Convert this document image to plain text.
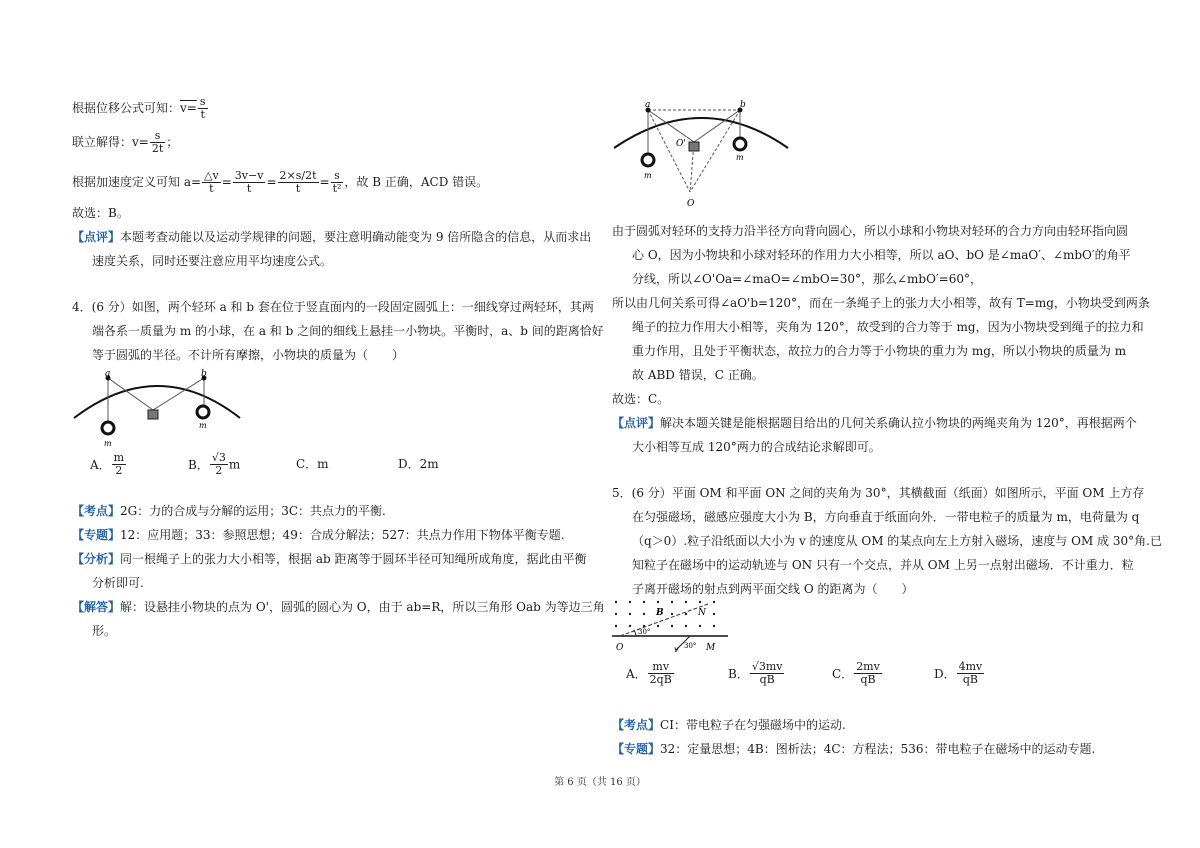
根据位移公式可知：$v= \frac{s}{t}$
联立解得：$v= \frac{s}{2t}$ ；
根据加速度定义可知 $a= \frac{\triangle v}{t} = \frac{3v-v}{t} = \frac{2\times s/2t}{t} = \frac{s}{\text{t²}}$ ，故 B 正确，ACD 错误。
故选：B。
【点评】本题考查动能以及运动学规律的问题，要注意明确动能变为 9 倍所隐含的信息，从而求出
速度关系，同时还要注意应用平均速度公式。
4．(6 分）如图，两个轻环 a 和 b 套在位于竖直面内的一段固定圆弧上：一细线穿过两轻环，其两
端各系一质量为 m 的小球，在 a 和 b 之间的细线上悬挂一小物块。平衡时，a、b 间的距离恰好
等于圆弧的半径。不计所有摩擦，小物块的质量为（　　）
a	b
m
m
A． $\frac{m}{2}$	B． $\frac{√3}{2}$ m	C．m	D．2m
【考点】2G：力的合成与分解的运用；3C：共点力的平衡.
【专题】12：应用题；33：参照思想；49：合成分解法；527：共点力作用下物体平衡专题.
【分析】同一根绳子上的张力大小相等，根据 ab 距离等于圆环半径可知绳所成角度，据此由平衡
分析即可.
【解答】解：设悬挂小物块的点为 O'，圆弧的圆心为 O，由于 ab=R，所以三角形 Oab 为等边三角
形。
a	b
O'
O
m
m
由于圆弧对轻环的支持力沿半径方向背向圆心，所以小球和小物块对轻环的合力方向由轻环指向圆
心 O，因为小物块和小球对轻环的作用力大小相等，所以 aO、bO 是∠maO′、∠mbO′的角平
分线，所以∠O'Oa=∠maO=∠mbO=30°，那么∠mbO′=60°，
所以由几何关系可得∠aO'b=120°，而在一条绳子上的张力大小相等，故有 T=mg，小物块受到两条
绳子的拉力作用大小相等，夹角为 120°，故受到的合力等于 mg，因为小物块受到绳子的拉力和
重力作用，且处于平衡状态，故拉力的合力等于小物块的重力为 mg，所以小物块的质量为 m
故 ABD 错误，C 正确。
故选：C。
【点评】解决本题关键是能根据题目给出的几何关系确认拉小物块的两绳夹角为 120°，再根据两个
大小相等互成 120°两力的合成结论求解即可。
5．(6 分）平面 OM 和平面 ON 之间的夹角为 30°，其横截面（纸面）如图所示，平面 OM 上方存
在匀强磁场，磁感应强度大小为 B，方向垂直于纸面向外．一带电粒子的质量为 m，电荷量为 q
（q＞0）.粒子沿纸面以大小为 v 的速度从 OM 的某点向左上方射入磁场，速度与 OM 成 30°角.已
知粒子在磁场中的运动轨迹与 ON 只有一个交点，并从 OM 上另一点射出磁场．不计重力．粒
子离开磁场的射点到两平面交线 O 的距离为（　　）
30°
30°
B	N
O	v	M
A． $\frac{mv}{2qB}$	B． $\frac{√3mv}{qB}$	C． $\frac{2mv}{qB}$	D． $\frac{4mv}{qB}$
【考点】CI：带电粒子在匀强磁场中的运动.
【专题】32：定量思想；4B：图析法；4C：方程法；536：带电粒子在磁场中的运动专题.
第 6 页（共 16 页）
